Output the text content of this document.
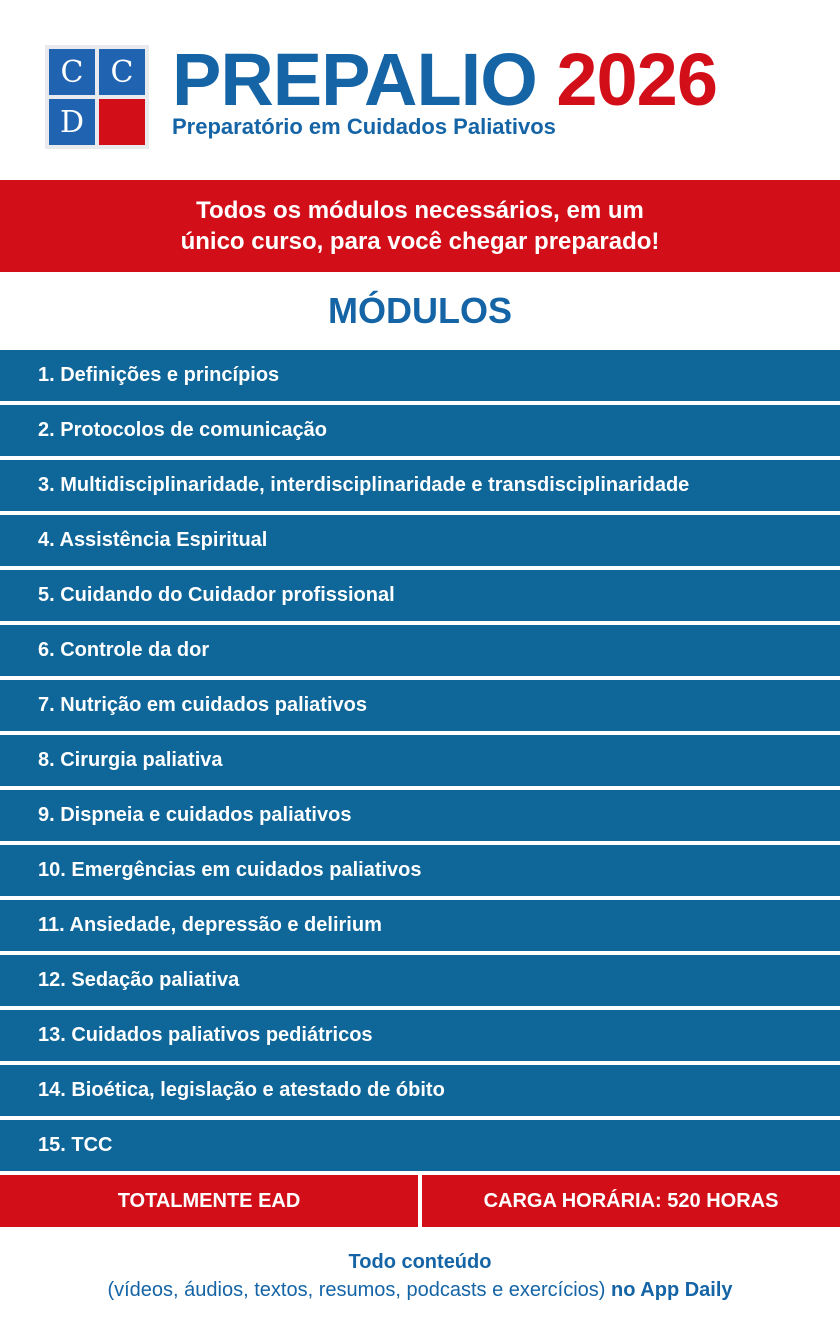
C C
D
PREPALIO 2026
Preparatório em Cuidados Paliativos
Todos os módulos necessários, em um
único curso, para você chegar preparado!
MÓDULOS
1. Definições e princípios
2. Protocolos de comunicação
3. Multidisciplinaridade, interdisciplinaridade e transdisciplinaridade
4. Assistência Espiritual
5. Cuidando do Cuidador profissional
6. Controle da dor
7. Nutrição em cuidados paliativos
8. Cirurgia paliativa
9. Dispneia e cuidados paliativos
10. Emergências em cuidados paliativos
11. Ansiedade, depressão e delirium
12. Sedação paliativa
13. Cuidados paliativos pediátricos
14. Bioética, legislação e atestado de óbito
15. TCC
TOTALMENTE EAD	CARGA HORÁRIA: 520 HORAS
Todo conteúdo
(vídeos, áudios, textos, resumos, podcasts e exercícios) no App Daily
